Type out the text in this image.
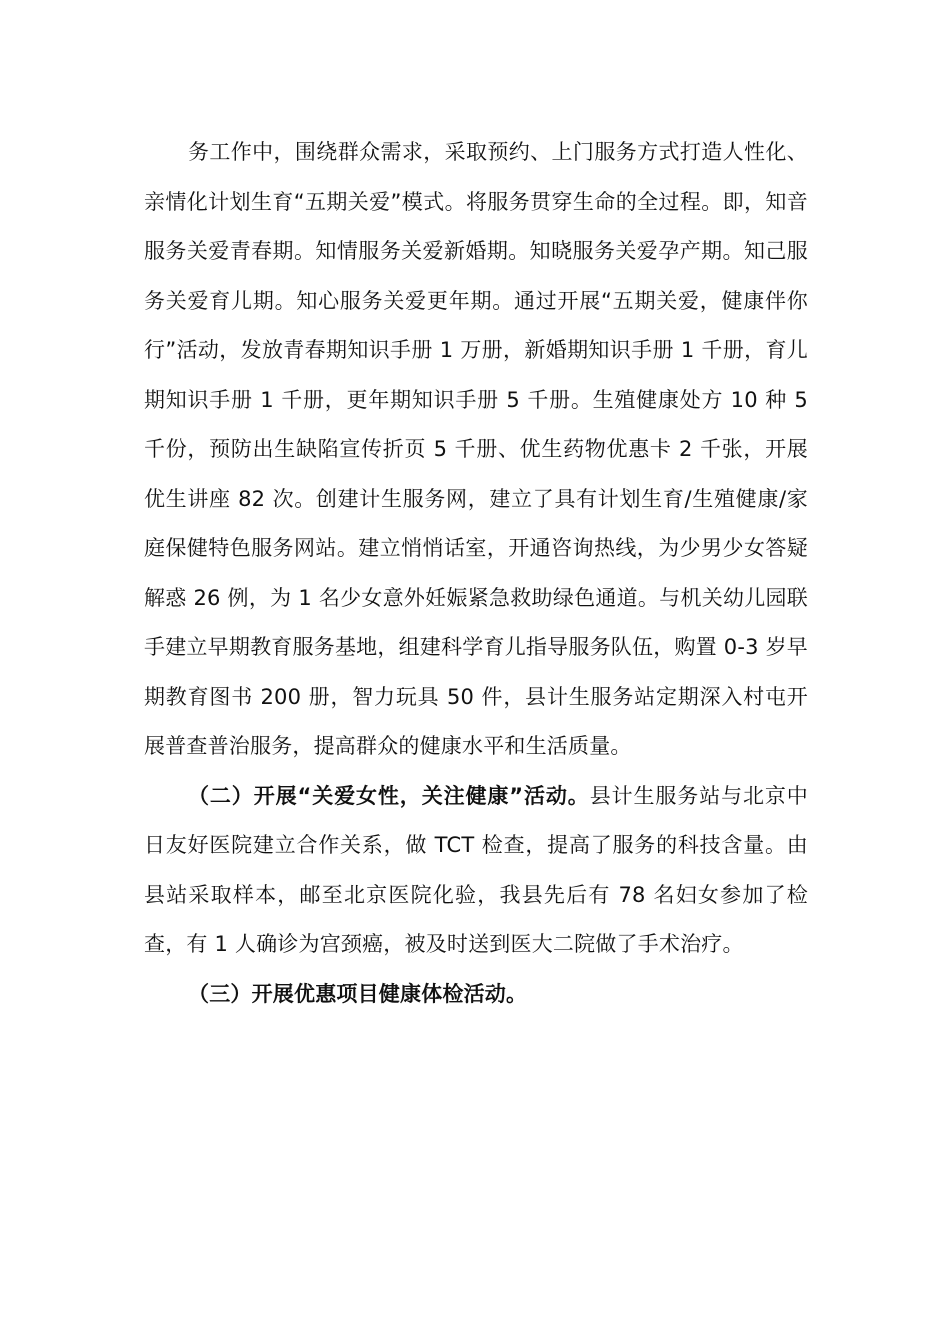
务工作中，围绕群众需求，采取预约、上门服务方式打造人性化、亲情化计划生育“五期关爱”模式。将服务贯穿生命的全过程。即，知音服务关爱青春期。知情服务关爱新婚期。知晓服务关爱孕产期。知己服务关爱育儿期。知心服务关爱更年期。通过开展“五期关爱，健康伴你行”活动，发放青春期知识手册 1 万册，新婚期知识手册 1 千册，育儿期知识手册 1 千册，更年期知识手册 5 千册。生殖健康处方 10 种 5 千份，预防出生缺陷宣传折页 5 千册、优生药物优惠卡 2 千张，开展优生讲座 82 次。创建计生服务网，建立了具有计划生育/生殖健康/家庭保健特色服务网站。建立悄悄话室，开通咨询热线，为少男少女答疑解惑 26 例，为 1 名少女意外妊娠紧急救助绿色通道。与机关幼儿园联手建立早期教育服务基地，组建科学育儿指导服务队伍，购置 0-3 岁早期教育图书 200 册，智力玩具 50 件，县计生服务站定期深入村屯开展普查普治服务，提高群众的健康水平和生活质量。

（二）开展“关爱女性，关注健康”活动。县计生服务站与北京中日友好医院建立合作关系，做 TCT 检查，提高了服务的科技含量。由县站采取样本，邮至北京医院化验，我县先后有 78 名妇女参加了检查，有 1 人确诊为宫颈癌，被及时送到医大二院做了手术治疗。

（三）开展优惠项目健康体检活动。
